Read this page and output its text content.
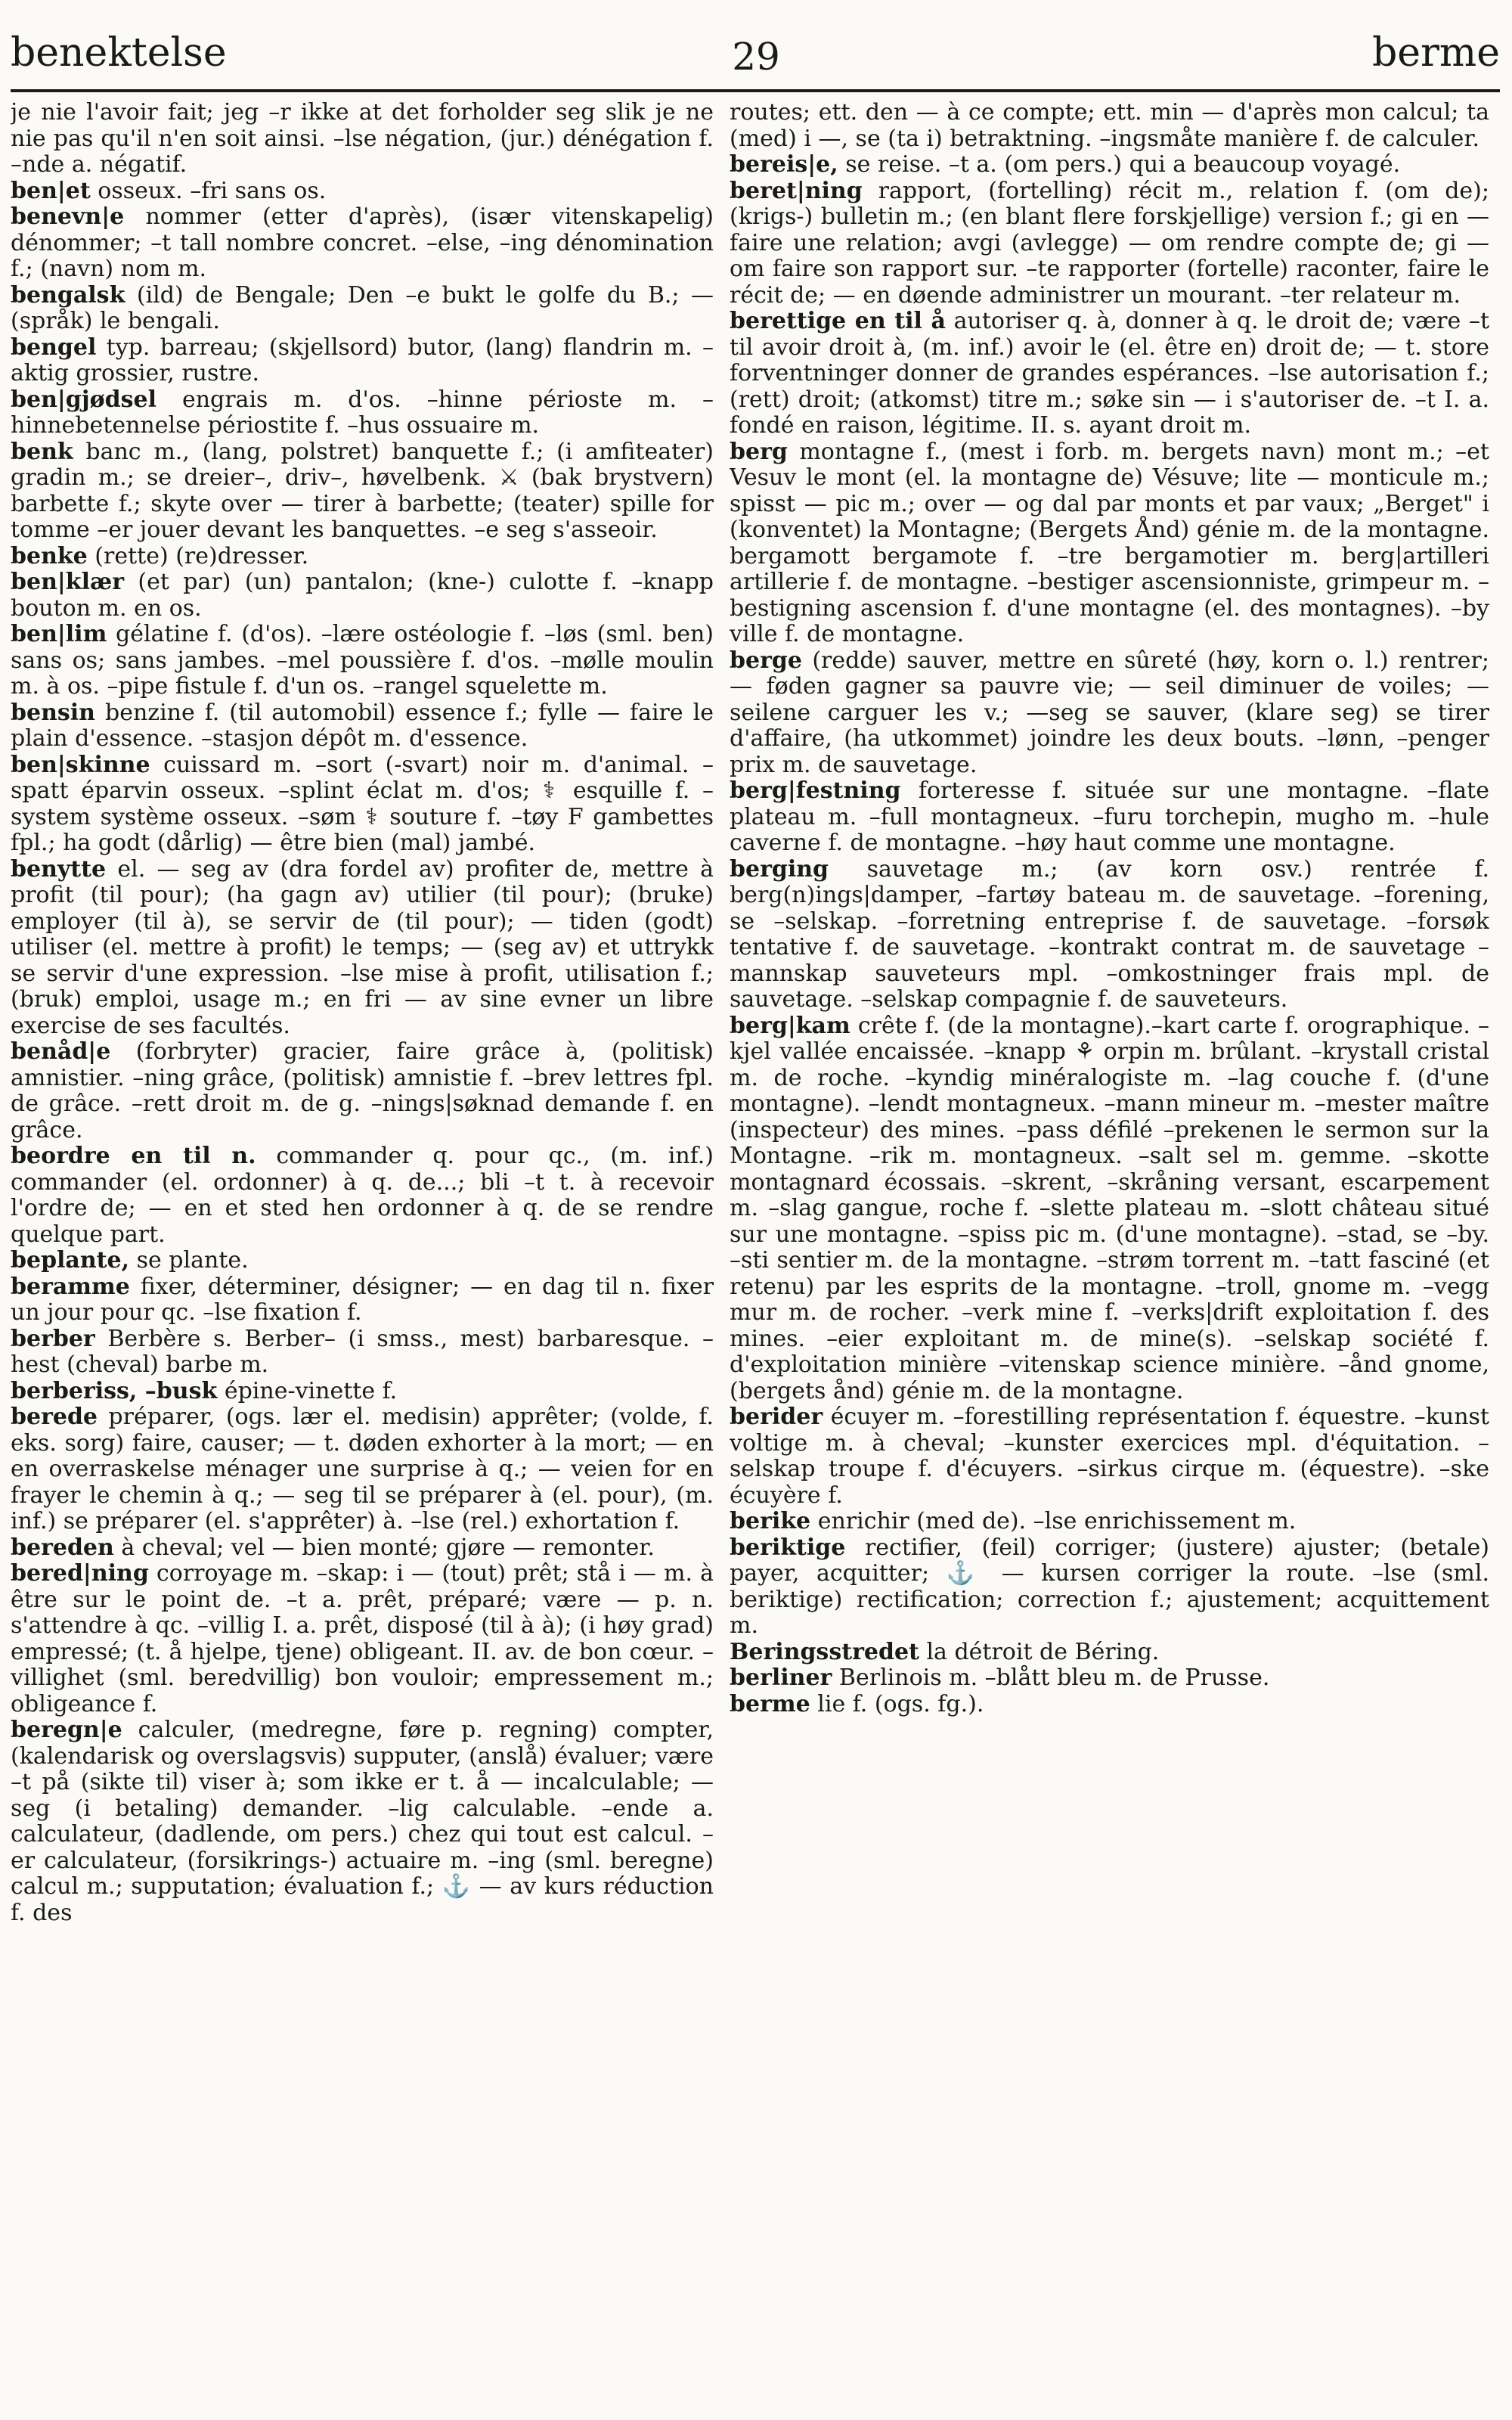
benektelse	29	berme

je nie l'avoir fait; jeg –r ikke at det forholder seg slik je ne nie pas qu'il n'en soit ainsi. –lse négation, (jur.) dénégation f. –nde a. négatif.

ben|et osseux. –fri sans os.

benevn|e nommer (etter d'après), (især vitenskapelig) dénommer; –t tall nombre concret. –else, –ing dénomination f.; (navn) nom m.

bengalsk (ild) de Bengale; Den –e bukt le golfe du B.; — (språk) le bengali.

bengel typ. barreau; (skjellsord) butor, (lang) flandrin m. –aktig grossier, rustre.

ben|gjødsel engrais m. d'os. –hinne périoste m. –hinnebetennelse périostite f. –hus ossuaire m.

benk banc m., (lang, polstret) banquette f.; (i amfiteater) gradin m.; se dreier–, driv–, høvelbenk. ⚔ (bak brystvern) barbette f.; skyte over — tirer à barbette; (teater) spille for tomme –er jouer devant les banquettes. –e seg s'asseoir.

benke (rette) (re)dresser.

ben|klær (et par) (un) pantalon; (kne-) culotte f. –knapp bouton m. en os.

ben|lim gélatine f. (d'os). –lære ostéologie f. –løs (sml. ben) sans os; sans jambes. –mel poussière f. d'os. –mølle moulin m. à os. –pipe fistule f. d'un os. –rangel squelette m.

bensin benzine f. (til automobil) essence f.; fylle — faire le plain d'essence. –stasjon dépôt m. d'essence.

ben|skinne cuissard m. –sort (-svart) noir m. d'animal. –spatt éparvin osseux. –splint éclat m. d'os; ⚕ esquille f. –system système osseux. –søm ⚕ souture f. –tøy F gambettes fpl.; ha godt (dårlig) — être bien (mal) jambé.

benytte el. — seg av (dra fordel av) profiter de, mettre à profit (til pour); (ha gagn av) utilier (til pour); (bruke) employer (til à), se servir de (til pour); — tiden (godt) utiliser (el. mettre à profit) le temps; — (seg av) et uttrykk se servir d'une expression. –lse mise à profit, utilisation f.; (bruk) emploi, usage m.; en fri — av sine evner un libre exercise de ses facultés.

benåd|e (forbryter) gracier, faire grâce à, (politisk) amnistier. –ning grâce, (politisk) amnistie f. –brev lettres fpl. de grâce. –rett droit m. de g. –nings|søknad demande f. en grâce.

beordre en til n. commander q. pour qc., (m. inf.) commander (el. ordonner) à q. de...; bli –t t. à recevoir l'ordre de; — en et sted hen ordonner à q. de se rendre quelque part.

beplante, se plante.

beramme fixer, déterminer, désigner; — en dag til n. fixer un jour pour qc. –lse fixation f.

berber Berbère s. Berber– (i smss., mest) barbaresque. –hest (cheval) barbe m.

berberiss, –busk épine-vinette f.

berede préparer, (ogs. lær el. medisin) apprêter; (volde, f. eks. sorg) faire, causer; — t. døden exhorter à la mort; — en en overraskelse ménager une surprise à q.; — veien for en frayer le chemin à q.; — seg til se préparer à (el. pour), (m. inf.) se préparer (el. s'apprêter) à. –lse (rel.) exhortation f.

bereden à cheval; vel — bien monté; gjøre — remonter.

bered|ning corroyage m. –skap: i — (tout) prêt; stå i — m. à être sur le point de. –t a. prêt, préparé; være — p. n. s'attendre à qc. –villig I. a. prêt, disposé (til à à); (i høy grad) empressé; (t. å hjelpe, tjene) obligeant. II. av. de bon cœur. –villighet (sml. beredvillig) bon vouloir; empressement m.; obligeance f.

beregn|e calculer, (medregne, føre p. regning) compter, (kalendarisk og overslagsvis) supputer, (anslå) évaluer; være –t på (sikte til) viser à; som ikke er t. å — incalculable; — seg (i betaling) demander. –lig calculable. –ende a. calculateur, (dadlende, om pers.) chez qui tout est calcul. –er calculateur, (forsikrings-) actuaire m. –ing (sml. beregne) calcul m.; supputation; évaluation f.; ⚓ — av kurs réduction f. des

routes; ett. den — à ce compte; ett. min — d'après mon calcul; ta (med) i —, se (ta i) betraktning. –ingsmåte manière f. de calculer.

bereis|e, se reise. –t a. (om pers.) qui a beaucoup voyagé.

beret|ning rapport, (fortelling) récit m., relation f. (om de); (krigs-) bulletin m.; (en blant flere forskjellige) version f.; gi en — faire une relation; avgi (avlegge) — om rendre compte de; gi — om faire son rapport sur. –te rapporter (fortelle) raconter, faire le récit de; — en døende administrer un mourant. –ter relateur m.

berettige en til å autoriser q. à, donner à q. le droit de; være –t til avoir droit à, (m. inf.) avoir le (el. être en) droit de; — t. store forventninger donner de grandes espérances. –lse autorisation f.; (rett) droit; (atkomst) titre m.; søke sin — i s'autoriser de. –t I. a. fondé en raison, légitime. II. s. ayant droit m.

berg montagne f., (mest i forb. m. bergets navn) mont m.; –et Vesuv le mont (el. la montagne de) Vésuve; lite — monticule m.; spisst — pic m.; over — og dal par monts et par vaux; „Berget" i (konventet) la Montagne; (Bergets Ånd) génie m. de la montagne. bergamott bergamote f. –tre bergamotier m. berg|artilleri artillerie f. de montagne. –bestiger ascensionniste, grimpeur m. –bestigning ascension f. d'une montagne (el. des montagnes). –by ville f. de montagne.

berge (redde) sauver, mettre en sûreté (høy, korn o. l.) rentrer; — føden gagner sa pauvre vie; — seil diminuer de voiles; — seilene carguer les v.; —seg se sauver, (klare seg) se tirer d'affaire, (ha utkommet) joindre les deux bouts. –lønn, –penger prix m. de sauvetage.

berg|festning forteresse f. située sur une montagne. –flate plateau m. –full montagneux. –furu torchepin, mugho m. –hule caverne f. de montagne. –høy haut comme une montagne.

berging sauvetage m.; (av korn osv.) rentrée f. berg(n)ings|damper, –fartøy bateau m. de sauvetage. –forening, se –selskap. –forretning entreprise f. de sauvetage. –forsøk tentative f. de sauvetage. –kontrakt contrat m. de sauvetage –mannskap sauveteurs mpl. –omkostninger frais mpl. de sauvetage. –selskap compagnie f. de sauveteurs.

berg|kam crête f. (de la montagne).–kart carte f. orographique. –kjel vallée encaissée. –knapp ⚘ orpin m. brûlant. –krystall cristal m. de roche. –kyndig minéralogiste m. –lag couche f. (d'une montagne). –lendt montagneux. –mann mineur m. –mester maître (inspecteur) des mines. –pass défilé –prekenen le sermon sur la Montagne. –rik m. montagneux. –salt sel m. gemme. –skotte montagnard écossais. –skrent, –skråning versant, escarpement m. –slag gangue, roche f. –slette plateau m. –slott château situé sur une montagne. –spiss pic m. (d'une montagne). –stad, se –by. –sti sentier m. de la montagne. –strøm torrent m. –tatt fasciné (et retenu) par les esprits de la montagne. –troll, gnome m. –vegg mur m. de rocher. –verk mine f. –verks|drift exploitation f. des mines. –eier exploitant m. de mine(s). –selskap société f. d'exploitation minière –vitenskap science minière. –ånd gnome, (bergets ånd) génie m. de la montagne.

berider écuyer m. –forestilling représentation f. équestre. –kunst voltige m. à cheval; –kunster exercices mpl. d'équitation. –selskap troupe f. d'écuyers. –sirkus cirque m. (équestre). –ske écuyère f.

berike enrichir (med de). –lse enrichissement m.

beriktige rectifier, (feil) corriger; (justere) ajuster; (betale) payer, acquitter; ⚓ — kursen corriger la route. –lse (sml. beriktige) rectification; correction f.; ajustement; acquittement m.

Beringsstredet la détroit de Béring.

berliner Berlinois m. –blått bleu m. de Prusse.

berme lie f. (ogs. fg.).
